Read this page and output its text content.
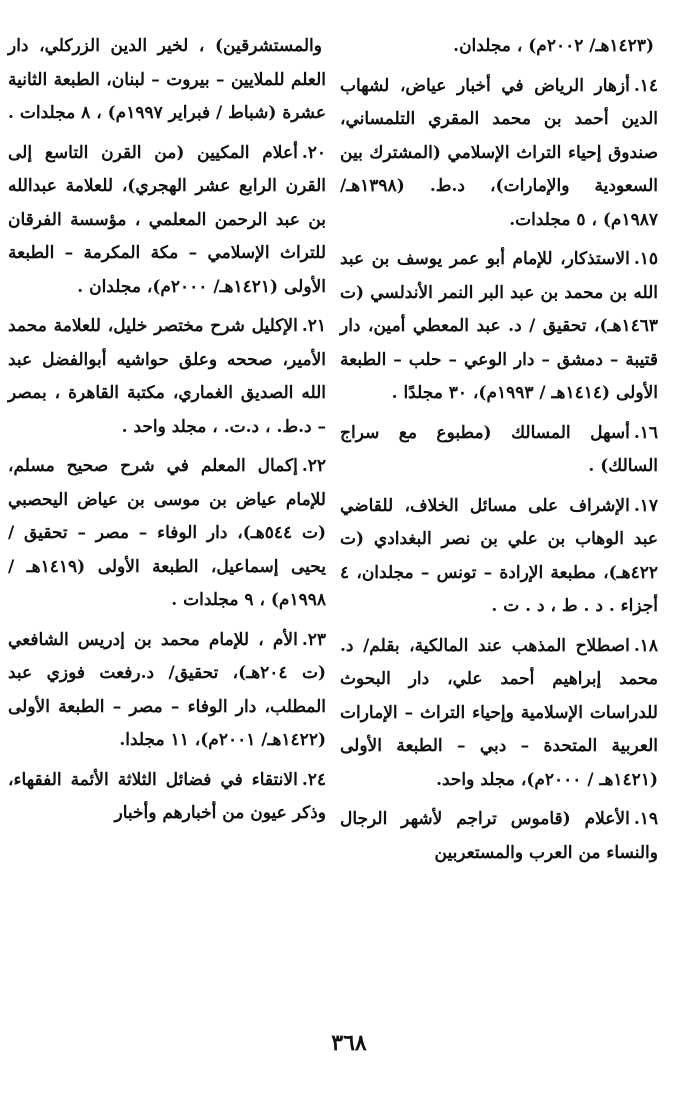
(١٤٢٣هـ/ ٢٠٠٢م) ، مجلدان.

١٤.أزهار الرياض في أخبار عياض، لشهاب الدين أحمد بن محمد المقري التلمساني، صندوق إحياء التراث الإسلامي (المشترك بين السعودية والإمارات)، د.ط. (١٣٩٨هـ/ ١٩٨٧م) ، ٥ مجلدات.

١٥.الاستذكار، للإمام أبو عمر يوسف بن عبد الله بن محمد بن عبد البر النمر الأندلسي (ت ١٤٦٣هـ)، تحقيق / د. عبد المعطي أمين، دار قتيبة – دمشق – دار الوعي – حلب – الطبعة الأولى (١٤١٤هـ / ١٩٩٣م)، ٣٠ مجلدًا .

١٦.أسهل المسالك (مطبوع مع سراج السالك) .

١٧.الإشراف على مسائل الخلاف، للقاضي عبد الوهاب بن علي بن نصر البغدادي (ت ٤٢٢هـ)، مطبعة الإرادة – تونس – مجلدان، ٤ أجزاء . د . ط ، د . ت .

١٨.اصطلاح المذهب عند المالكية، بقلم/ د. محمد إبراهيم أحمد علي، دار البحوث للدراسات الإسلامية وإحياء التراث – الإمارات العربية المتحدة – دبي – الطبعة الأولى (١٤٢١هـ / ٢٠٠٠م)، مجلد واحد.

١٩.الأعلام (قاموس تراجم لأشهر الرجال والنساء من العرب والمستعربين

والمستشرقين) ، لخير الدين الزركلي، دار العلم للملايين – بيروت – لبنان، الطبعة الثانية عشرة (شباط / فبراير ١٩٩٧م) ، ٨ مجلدات .

٢٠.أعلام المكيين (من القرن التاسع إلى القرن الرابع عشر الهجري)، للعلامة عبدالله بن عبد الرحمن المعلمي ، مؤسسة الفرقان للتراث الإسلامي – مكة المكرمة – الطبعة الأولى (١٤٢١هـ/ ٢٠٠٠م)، مجلدان .

٢١.الإكليل شرح مختصر خليل، للعلامة محمد الأمير، صححه وعلق حواشيه أبوالفضل عبد الله الصديق الغماري، مكتبة القاهرة ، بمصر – د.ط. ، د.ت. ، مجلد واحد .

٢٢.إكمال المعلم في شرح صحيح مسلم، للإمام عياض بن موسى بن عياض اليحصبي (ت ٥٤٤هـ)، دار الوفاء – مصر – تحقيق / يحيى إسماعيل، الطبعة الأولى (١٤١٩هـ / ١٩٩٨م) ، ٩ مجلدات .

٢٣.الأم ، للإمام محمد بن إدريس الشافعي (ت ٢٠٤هـ)، تحقيق/ د.رفعت فوزي عبد المطلب، دار الوفاء – مصر – الطبعة الأولى (١٤٢٢هـ/ ٢٠٠١م)، ١١ مجلدا.

٢٤.الانتقاء في فضائل الثلاثة الأئمة الفقهاء، وذكر عيون من أخبارهم وأخبار

٣٦٨
